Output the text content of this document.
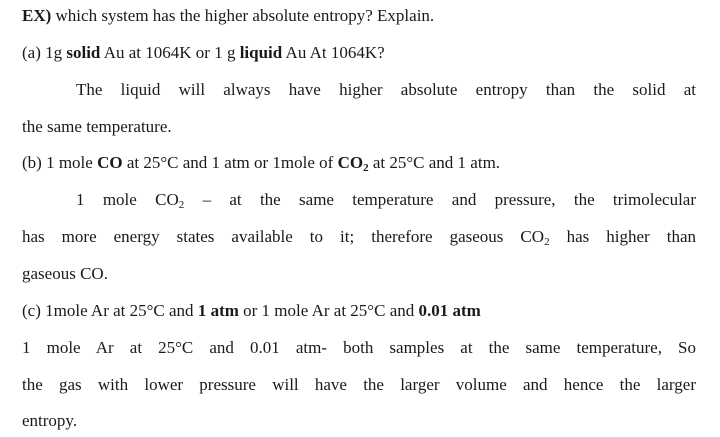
EX) which system has the higher absolute entropy? Explain.
(a) 1g solid Au at 1064K or 1 g liquid Au At 1064K?
The liquid will always have higher absolute entropy than the solid at
the same temperature.
(b) 1 mole CO at 25°C and 1 atm or 1mole of $CO_2$ at 25°C and 1 atm.
1 mole $CO_2$ – at the same temperature and pressure, the trimolecular
has more energy states available to it; therefore gaseous $CO_2$ has higher than
gaseous CO.
(c) 1mole Ar at 25°C and 1 atm or 1 mole Ar at 25°C and 0.01 atm
1 mole Ar at 25°C and 0.01 atm- both samples at the same temperature, So
the gas with lower pressure will have the larger volume and hence the larger
entropy.
